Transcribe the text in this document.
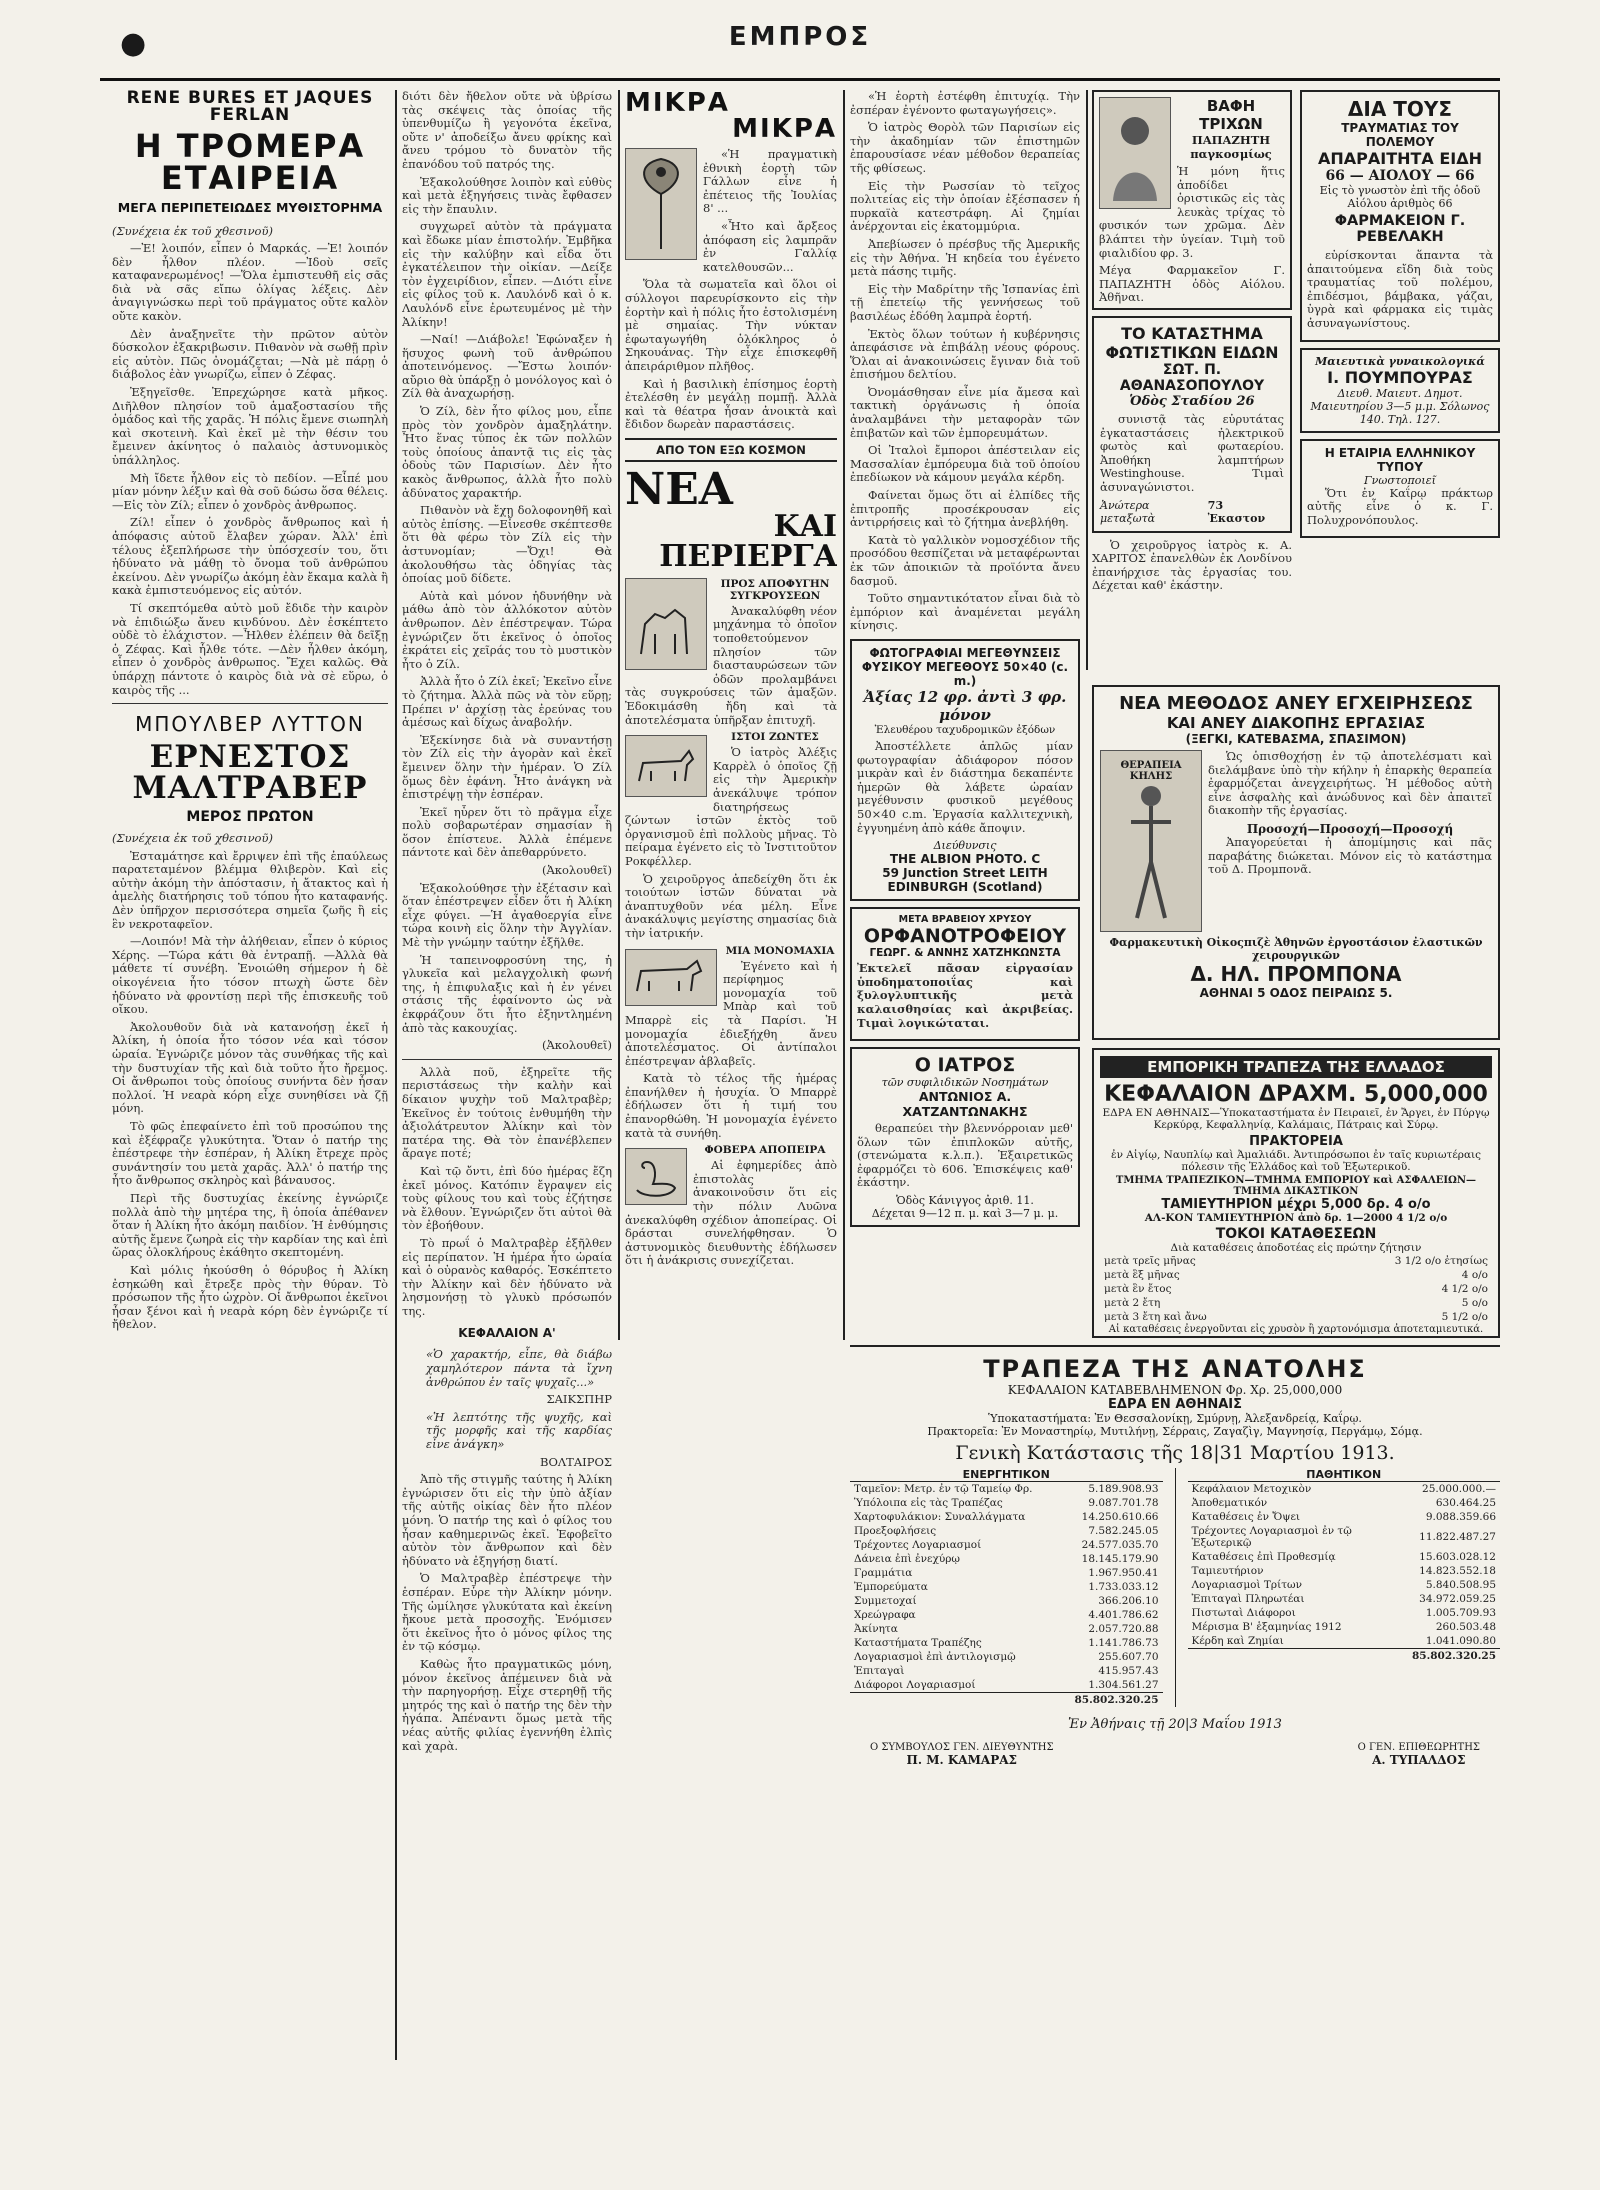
●	ΕΜΠΡΟΣ
RENE BURES ET JAQUES FERLAN
Η ΤΡΟΜΕΡΑ ΕΤΑΙΡΕΙΑ
ΜΕΓΑ ΠΕΡΙΠΕΤΕΙΩΔΕΣ ΜΥΘΙΣΤΟΡΗΜΑ

(Συνέχεια ἐκ τοῦ χθεσινοῦ)

—Ἐ! λοιπόν, εἶπεν ὁ Μαρκάς. —Ἐ! λοιπόν δὲν ἦλθον πλέον. —Ἰδοὺ σεῖς καταφανερωμένος! —Ὅλα ἐμπιστευθῆ εἰς σᾶς διὰ νὰ σᾶς εἴπω ὀλίγας λέξεις. Δὲν ἀναγιγνώσκω περὶ τοῦ πράγματος οὔτε καλὸν οὔτε κακὸν.

Δὲν ἀναξηνεῖτε τὴν πρῶτον αὐτὸν δύσκολον ἐξακριβωσιν. Πιθανὸν νὰ σωθῇ πρὶν εἰς αὐτὸν. Πῶς ὀνομάζεται; —Νὰ μὲ πάρῃ ὁ διάβολος ἐὰν γνωρίζω, εἶπεν ὁ Ζέφας.

Ἐξηγεῖσθε. Ἐπρεχώρησε κατὰ μῆκος. Διῆλθον πλησίον τοῦ ἁμαξοστασίου τῆς ὁμάδος καὶ τῆς χαρᾶς. Ἡ πόλις ἔμενε σιωπηλὴ καὶ σκοτεινὴ. Καὶ ἐκεῖ μὲ τὴν θέσιν του ἔμεινεν ἀκίνητος ὁ παλαιὸς ἀστυνομικὸς ὑπάλληλος.

Μὴ ἴδετε ἦλθον εἰς τὸ πεδίον. —Εἶπέ μου μίαν μόνην λέξιν καὶ θὰ σοῦ δώσω ὅσα θέλεις. —Εἰς τὸν Ζίλ; εἶπεν ὁ χονδρὸς ἀνθρωπος.

Ζίλ! εἶπεν ὁ χονδρὸς ἄνθρωπος καὶ ἡ ἀπόφασις αὐτοῦ ἔλαβεν χώραν. Ἀλλ' ἐπὶ τέλους ἐξεπλήρωσε τὴν ὑπόσχεσίν του, ὅτι ἠδύνατο νὰ μάθῃ τὸ ὄνομα τοῦ ἀνθρώπου ἐκείνου. Δὲν γνωρίζω ἀκόμη ἐὰν ἔκαμα καλὰ ἢ κακὰ ἐμπιστευόμενος εἰς αὐτόν.

Τί σκεπτόμεθα αὐτὸ μοῦ ἔδιδε τὴν καιρὸν νὰ ἐπιδιώξω ἄνευ κινδύνου. Δὲν ἐσκέπτετο οὐδὲ τὸ ἐλάχιστον. —Ἦλθεν ἐλέπειν θὰ δεῖξῃ ὁ Ζέφας. Καὶ ἦλθε τότε. —Δὲν ἦλθεν ἀκόμη, εἶπεν ὁ χονδρὸς ἀνθρωπος. Ἔχει καλῶς. Θὰ ὑπάρχῃ πάντοτε ὁ καιρὸς διὰ νὰ σὲ εὕρω, ὁ καιρὸς τῆς ...

ΜΠΟΥΛΒΕΡ ΛΥΤΤΟΝ
ΕΡΝΕΣΤΟΣ ΜΑΛΤΡΑΒΕΡ
ΜΕΡΟΣ ΠΡΩΤΟΝ

(Συνέχεια ἐκ τοῦ χθεσινοῦ)

Ἐσταμάτησε καὶ ἔρριψεν ἐπὶ τῆς ἐπαύλεως παρατεταμένον βλέμμα θλιβερὸν. Καὶ εἰς αὐτὴν ἀκόμη τὴν ἀπόστασιν, ἡ ἄτακτος καὶ ἡ ἀμελὴς διατήρησις τοῦ τόπου ἦτο καταφανής. Δὲν ὑπῆρχον περισσότερα σημεῖα ζωῆς ἢ εἰς ἓν νεκροταφεῖον.

—Λοιπόν! Μὰ τὴν ἀλήθειαν, εἶπεν ὁ κύριος Χέρης. —Τώρα κάτι θὰ ἐντραπῇ. —Ἀλλὰ θὰ μάθετε τί συνέβη. Ἐνοιώθη σήμερον ἡ δὲ οἰκογένεια ἦτο τόσον πτωχὴ ὥστε δὲν ἠδύνατο νὰ φροντίσῃ περὶ τῆς ἐπισκευῆς τοῦ οἴκου.

Ἀκολουθοῦν διὰ νὰ κατανοήσῃ ἐκεῖ ἡ Ἀλίκη, ἡ ὁποία ἦτο τόσον νέα καὶ τόσον ὡραία. Ἐγνώριζε μόνον τὰς συνθήκας τῆς καὶ τὴν δυστυχίαν τῆς καὶ διὰ τοῦτο ἦτο ἤρεμος. Οἱ ἄνθρωποι τοὺς ὁποίους συνήντα δὲν ἦσαν πολλοί. Ἡ νεαρὰ κόρη εἶχε συνηθίσει νὰ ζῇ μόνη.

Τὸ φῶς ἐπεφαίνετο ἐπὶ τοῦ προσώπου της καὶ ἐξέφραζε γλυκύτητα. Ὅταν ὁ πατήρ της ἐπέστρεφε τὴν ἑσπέραν, ἡ Ἀλίκη ἔτρεχε πρὸς συνάντησίν του μετὰ χαρᾶς. Ἀλλ' ὁ πατήρ της ἦτο ἄνθρωπος σκληρὸς καὶ βάναυσος.

Περὶ τῆς δυστυχίας ἐκείνης ἐγνώριζε πολλὰ ἀπὸ τὴν μητέρα της, ἣ ὁποία ἀπέθανεν ὅταν ἡ Ἀλίκη ἦτο ἀκόμη παιδίον. Ἡ ἐνθύμησις αὐτῆς ἔμενε ζωηρὰ εἰς τὴν καρδίαν της καὶ ἐπὶ ὥρας ὁλοκλήρους ἐκάθητο σκεπτομένη.

Καὶ μόλις ἠκούσθη ὁ θόρυβος ἡ Ἀλίκη ἐσηκώθη καὶ ἔτρεξε πρὸς τὴν θύραν. Τὸ πρόσωπον τῆς ἦτο ὠχρὸν. Οἱ ἄνθρωποι ἐκεῖνοι ἦσαν ξένοι καὶ ἡ νεαρὰ κόρη δὲν ἐγνώριζε τί ἤθελον.

διότι δὲν ἤθελον οὔτε νὰ ὑβρίσω τὰς σκέψεις τὰς ὁποίας τῆς ὑπενθυμίζω ἢ γεγονότα ἐκεῖνα, οὔτε ν' ἀποδείξω ἄνευ φρίκης καὶ ἄνευ τρόμου τὸ δυνατὸν τῆς ἐπανόδου τοῦ πατρός της.

Ἐξακολούθησε λοιπὸν καὶ εὐθὺς καὶ μετὰ ἐξηγήσεις τινὰς ἔφθασεν εἰς τὴν ἔπαυλιν.

συγχωρεῖ αὐτὸν τὰ πράγματα καὶ ἔδωκε μίαν ἐπιστολήν. Ἐμβῆκα εἰς τὴν καλύβην καὶ εἶδα ὅτι ἐγκατέλειπον τὴν οἰκίαν. —Δείξε τὸν ἐγχειρίδιον, εἶπεν. —Διότι εἶνε εἰς φίλος τοῦ κ. Λαυλόνδ καὶ ὁ κ. Λαυλόνδ εἶνε ἐρωτευμένος μὲ τὴν Ἀλίκην!

—Ναί! —Διάβολε! Ἐφώναξεν ἡ ἥσυχος φωνὴ τοῦ ἀνθρώπου ἀποτεινόμενος. —Ἔστω λοιπόν· αὔριο θὰ ὑπάρξῃ ὁ μονόλογος καὶ ὁ Ζίλ θὰ ἀναχωρήσῃ.

Ὁ Ζίλ, δὲν ἦτο φίλος μου, εἶπε πρὸς τὸν χονδρὸν ἀμαξηλάτην. Ἦτο ἕνας τύπος ἐκ τῶν πολλῶν τοὺς ὁποίους ἀπαντᾷ τις εἰς τὰς ὁδοὺς τῶν Παρισίων. Δὲν ἦτο κακὸς ἄνθρωπος, ἀλλὰ ἦτο πολὺ ἀδύνατος χαρακτήρ.

Πιθανὸν νὰ ἔχῃ δολοφονηθῆ καὶ αὐτὸς ἐπίσης. —Εἶνεσθε σκέπτεσθε ὅτι θὰ φέρω τὸν Ζίλ εἰς τὴν ἀστυνομίαν; —Ὄχι! Θὰ ἀκολουθήσω τὰς ὁδηγίας τὰς ὁποίας μοῦ δίδετε.

Αὐτὰ καὶ μόνον ἠδυνήθην νὰ μάθω ἀπὸ τὸν ἀλλόκοτον αὐτὸν ἀνθρωπον. Δὲν ἐπέστρεψαν. Τώρα ἐγνώριζεν ὅτι ἐκεῖνος ὁ ὁποῖος ἐκράτει εἰς χεῖράς του τὸ μυστικὸν ἦτο ὁ Ζίλ.

Ἀλλὰ ἦτο ὁ Ζίλ ἐκεῖ; Ἐκεῖνο εἶνε τὸ ζήτημα. Ἀλλὰ πῶς νὰ τὸν εὕρῃ; Πρέπει ν' ἀρχίσῃ τὰς ἐρεύνας του ἀμέσως καὶ δίχως ἀναβολήν.

Ἐξεκίνησε διὰ νὰ συναντήσῃ τὸν Ζίλ εἰς τὴν ἀγορὰν καὶ ἐκεῖ ἔμεινεν ὅλην τὴν ἡμέραν. Ὁ Ζίλ ὅμως δὲν ἐφάνη. Ἦτο ἀνάγκη νὰ ἐπιστρέψῃ τὴν ἑσπέραν.

Ἐκεῖ ηὗρεν ὅτι τὸ πρᾶγμα εἶχε πολὺ σοβαρωτέραν σημασίαν ἢ ὅσον ἐπίστευε. Ἀλλὰ ἐπέμενε πάντοτε καὶ δὲν ἀπεθαρρύνετο.

(Ἀκολουθεῖ)

Ἐξακολούθησε τὴν ἐξέτασιν καὶ ὅταν ἐπέστρεψεν εἶδεν ὅτι ἡ Ἀλίκη εἶχε φύγει. —Ἡ ἀγαθοεργία εἶνε τώρα κοινὴ εἰς ὅλην τὴν Ἀγγλίαν. Μὲ τὴν γνώμην ταύτην ἐξῆλθε.

Ἡ ταπεινοφροσύνη της, ἡ γλυκεῖα καὶ μελαγχολικὴ φωνή της, ἡ ἐπιφυλαξις καὶ ἡ ἐν γένει στάσις τῆς ἐφαίνοντο ὡς νὰ ἐκφράζουν ὅτι ἦτο ἐξηντλημένη ἀπὸ τὰς κακουχίας.

(Ἀκολουθεῖ)

Ἀλλὰ ποῦ, ἐξηρεῖτε τῆς περιστάσεως τὴν καλὴν καὶ δίκαιον ψυχὴν τοῦ Μαλτραβὲρ; Ἐκεῖνος ἐν τούτοις ἐνθυμήθη τὴν ἀξιολάτρευτον Ἀλίκην καὶ τὸν πατέρα της. Θὰ τὸν ἐπανέβλεπεν ἄραγε ποτέ;

Καὶ τῷ ὄντι, ἐπὶ δύο ἡμέρας ἔζη ἐκεῖ μόνος. Κατόπιν ἔγραψεν εἰς τοὺς φίλους του καὶ τοὺς ἐζήτησε νὰ ἔλθουν. Ἐγνώριζεν ὅτι αὐτοὶ θὰ τὸν ἐβοήθουν.

Τὸ πρωΐ ὁ Μαλτραβὲρ ἐξῆλθεν εἰς περίπατον. Ἡ ἡμέρα ἦτο ὡραία καὶ ὁ οὐρανὸς καθαρός. Ἐσκέπτετο τὴν Ἀλίκην καὶ δὲν ἠδύνατο νὰ λησμονήσῃ τὸ γλυκὺ πρόσωπόν της.

ΚΕΦΑΛΑΙΟΝ Α'

«Ὁ χαρακτήρ, εἶπε, θὰ διάβω χαμηλότερον πάντα τὰ ἴχνη ἀνθρώπου ἐν ταῖς ψυχαῖς...»

ΣΑΙΚΣΠΗΡ

«Ἡ λεπτότης τῆς ψυχῆς, καὶ τῆς μορφῆς καὶ τῆς καρδίας εἶνε ἀνάγκη»

ΒΟΛΤΑΙΡΟΣ

Ἀπὸ τῆς στιγμῆς ταύτης ἡ Ἀλίκη ἐγνώρισεν ὅτι εἰς τὴν ὑπὸ ἀξίαν τῆς αὐτῆς οἰκίας δὲν ἦτο πλέον μόνη. Ὁ πατήρ της καὶ ὁ φίλος του ἦσαν καθημερινῶς ἐκεῖ. Ἐφοβεῖτο αὐτὸν τὸν ἄνθρωπον καὶ δὲν ἠδύνατο νὰ ἐξηγήσῃ διατί.

Ὁ Μαλτραβὲρ ἐπέστρεψε τὴν ἑσπέραν. Εὗρε τὴν Ἀλίκην μόνην. Τῆς ὡμίλησε γλυκύτατα καὶ ἐκείνη ἤκουε μετὰ προσοχῆς. Ἐνόμισεν ὅτι ἐκεῖνος ἦτο ὁ μόνος φίλος της ἐν τῷ κόσμῳ.

Καθὼς ἦτο πραγματικῶς μόνη, μόνον ἐκεῖνος ἀπέμεινεν διὰ νὰ τὴν παρηγορήσῃ. Εἶχε στερηθῇ τῆς μητρός της καὶ ὁ πατήρ της δὲν τὴν ἠγάπα. Ἀπέναντι ὅμως μετὰ τῆς νέας αὐτῆς φιλίας ἐγεννήθη ἐλπὶς καὶ χαρὰ.

ΜΙΚΡΑ
ΜΙΚΡΑ

«Ἡ πραγματικὴ ἐθνικὴ ἑορτὴ τῶν Γάλλων εἶνε ἡ ἐπέτειος τῆς Ἰουλίας 8' ...

«Ἦτο καὶ ἄρξεος ἀπόφαση εἰς λαμπρᾶν ἐν Γαλλίᾳ κατελθουσῶν...

Ὅλα τὰ σωματεῖα καὶ ὅλοι οἱ σύλλογοι παρευρίσκοντο εἰς τὴν ἑορτὴν καὶ ἡ πόλις ἦτο ἐστολισμένη μὲ σημαίας. Τὴν νύκταν ἐφωταγωγήθη ὁλόκληρος ὁ Σηκουάνας. Τὴν εἶχε ἐπισκεφθῆ ἀπειράριθμον πλῆθος.

Καὶ ἡ βασιλικὴ ἐπίσημος ἑορτὴ ἐτελέσθη ἐν μεγάλῃ πομπῇ. Ἀλλὰ καὶ τὰ θέατρα ἦσαν ἀνοικτὰ καὶ ἔδιδον δωρεὰν παραστάσεις.

ΑΠΟ ΤΟΝ ΕΞΩ ΚΟΣΜΟΝ
ΝΕΑ
ΚΑΙ ΠΕΡΙΕΡΓΑ
ΠΡΟΣ ΑΠΟΦΥΓΗΝ ΣΥΓΚΡΟΥΣΕΩΝ

Ἀνακαλύφθη νέον μηχάνημα τὸ ὁποῖον τοποθετούμενον πλησίον τῶν διασταυρώσεων τῶν ὁδῶν προλαμβάνει τὰς συγκρούσεις τῶν ἁμαξῶν. Ἐδοκιμάσθη ἤδη καὶ τὰ ἀποτελέσματα ὑπῆρξαν ἐπιτυχῆ.

ΙΣΤΟΙ ΖΩΝΤΕΣ

Ὁ ἰατρὸς Ἀλέξις Καρρὲλ ὁ ὁποῖος ζῇ εἰς τὴν Ἀμερικὴν ἀνεκάλυψε τρόπον διατηρήσεως ζώντων ἱστῶν ἐκτὸς τοῦ ὀργανισμοῦ ἐπὶ πολλοὺς μῆνας. Τὸ πείραμα ἐγένετο εἰς τὸ Ἰνστιτοῦτον Ροκφέλλερ.

Ὁ χειροῦργος ἀπεδείχθη ὅτι ἐκ τοιούτων ἱστῶν δύναται νὰ ἀναπτυχθοῦν νέα μέλη. Εἶνε ἀνακάλυψις μεγίστης σημασίας διὰ τὴν ἰατρικήν.

ΜΙΑ ΜΟΝΟΜΑΧΙΑ

Ἐγένετο καὶ ἡ περίφημος μονομαχία τοῦ Μπὰρ καὶ τοῦ Μπαρρὲ εἰς τὰ Παρίσι. Ἡ μονομαχία ἐδιεξήχθη ἄνευ ἀποτελέσματος. Οἱ ἀντίπαλοι ἐπέστρεψαν ἀβλαβεῖς.

Κατὰ τὸ τέλος τῆς ἡμέρας ἐπανήλθεν ἡ ἡσυχία. Ὁ Μπαρρὲ ἐδήλωσεν ὅτι ἡ τιμή του ἐπανορθώθη. Ἡ μονομαχία ἐγένετο κατὰ τὰ συνήθη.

ΦΟΒΕΡΑ ΑΠΟΠΕΙΡΑ

Αἱ ἐφημερίδες ἀπὸ ἐπιστολὰς ἀνακοινοῦσιν ὅτι εἰς τὴν πόλιν Λυῶνα ἀνεκαλύφθη σχέδιον ἀποπείρας. Οἱ δράσται συνελήφθησαν. Ὁ ἀστυνομικὸς διευθυντὴς ἐδήλωσεν ὅτι ἡ ἀνάκρισις συνεχίζεται.

«Ἡ ἑορτὴ ἐστέφθη ἐπιτυχίᾳ. Τὴν ἐσπέραν ἐγένοντο φωταγωγήσεις».

Ὁ ἰατρὸς Θορὸλ τῶν Παρισίων εἰς τὴν ἀκαδημίαν τῶν ἐπιστημῶν ἐπαρουσίασε νέαν μέθοδον θεραπείας τῆς φθίσεως.

Εἰς τὴν Ρωσσίαν τὸ τεῖχος πολιτείας εἰς τὴν ὁποίαν ἐξέσπασεν ἡ πυρκαϊὰ κατεστράφη. Αἱ ζημίαι ἀνέρχονται εἰς ἑκατομμύρια.

Ἀπεβίωσεν ὁ πρέσβυς τῆς Ἀμερικῆς εἰς τὴν Ἀθήνα. Ἡ κηδεία του ἐγένετο μετὰ πάσης τιμῆς.

Εἰς τὴν Μαδρίτην τῆς Ἰσπανίας ἐπὶ τῇ ἐπετείῳ τῆς γεννήσεως τοῦ βασιλέως ἐδόθη λαμπρὰ ἑορτή.

Ἐκτὸς ὅλων τούτων ἡ κυβέρνησις ἀπεφάσισε νὰ ἐπιβάλῃ νέους φόρους. Ὅλαι αἱ ἀνακοινώσεις ἔγιναν διὰ τοῦ ἐπισήμου δελτίου.

Ὀνομάσθησαν εἶνε μία ἄμεσα καὶ τακτικὴ ὀργάνωσις ἡ ὁποία ἀναλαμβάνει τὴν μεταφορὰν τῶν ἐπιβατῶν καὶ τῶν ἐμπορευμάτων.

Οἱ Ἰταλοὶ ἔμποροι ἀπέστειλαν εἰς Μασσαλίαν ἐμπόρευμα διὰ τοῦ ὁποίου ἐπεδίωκον νὰ κάμουν μεγάλα κέρδη.

Φαίνεται ὅμως ὅτι αἱ ἐλπίδες τῆς ἐπιτροπῆς προσέκρουσαν εἰς ἀντιρρήσεις καὶ τὸ ζήτημα ἀνεβλήθη.

Κατὰ τὸ γαλλικὸν νομοσχέδιον τῆς προσόδου θεσπίζεται νὰ μεταφέρωνται ἐκ τῶν ἀποικιῶν τὰ προϊόντα ἄνευ δασμοῦ.

Τοῦτο σημαντικότατον εἶναι διὰ τὸ ἐμπόριον καὶ ἀναμένεται μεγάλη κίνησις.

ΦΩΤΟΓΡΑΦΙΑΙ ΜΕΓΕΘΥΝΣΕΙΣ
ΦΥΣΙΚΟΥ ΜΕΓΕΘΟΥΣ 50×40 (c. m.)
Ἀξίας 12 φρ. ἀντὶ 3 φρ. μόνον
Ἐλευθέρου ταχυδρομικῶν ἐξόδων

Ἀποστέλλετε ἁπλῶς μίαν φωτογραφίαν ἀδιάφορον πόσον μικρὰν καὶ ἐν διάστημα δεκαπέντε ἡμερῶν θὰ λάβετε ὡραίαν μεγέθυνσιν φυσικοῦ μεγέθους 50×40 c.m. Ἐργασία καλλιτεχνικὴ, ἐγγυημένη ἀπὸ κάθε ἄποψιν.

Διεύθυνσις
THE ALBION PHOTO. C
59 Junction Street LEITH
EDINBURGH (Scotland)
ΜΕΤΑ ΒΡΑΒΕΙΟΥ ΧΡΥΣΟΥ
ΟΡΦΑΝΟΤΡΟΦΕΙΟΥ
ΓΕΩΡΓ. & ΑΝΝΗΣ ΧΑΤΖΗΚΩΝΣΤΑ

Ἐκτελεῖ πᾶσαν εἰργασίαν ὑποδηματοποιΐας καὶ ξυλογλυπτικῆς μετὰ καλαισθησίας καὶ ἀκριβείας. Τιμαὶ λογικώταται.

Ο ΙΑΤΡΟΣ
τῶν συφιλιδικῶν Νοσημάτων
ΑΝΤΩΝΙΟΣ Α. ΧΑΤΖΑΝΤΩΝΑΚΗΣ

θεραπεύει τὴν βλεννόρροιαν μεθ' ὅλων τῶν ἐπιπλοκῶν αὐτῆς, (στενώματα κ.λ.π.). Ἐξαιρετικῶς ἐφαρμόζει τὸ 606. Ἐπισκέψεις καθ' ἑκάστην.

Ὁδὸς Κάνιγγος ἀριθ. 11.
Δέχεται 9—12 π. μ. καὶ 3—7 μ. μ.
ΒΑΦΗ ΤΡΙΧΩΝ
ΠΑΠΑΖΗΤΗ παγκοσμίως

Ἡ μόνη ἥτις ἀποδίδει ὁριστικῶς εἰς τὰς λευκὰς τρίχας τὸ φυσικόν των χρῶμα. Δὲν βλάπτει τὴν ὑγείαν. Τιμὴ τοῦ φιαλιδίου φρ. 3.

Μέγα Φαρμακεῖον Γ. ΠΑΠΑΖΗΤΗ ὁδὸς Αἰόλου. Ἀθῆναι.

ΤΟ ΚΑΤΑΣΤΗΜΑ ΦΩΤΙΣΤΙΚΩΝ ΕΙΔΩΝ
ΣΩΤ. Π. ΑΘΑΝΑΣΟΠΟΥΛΟΥ
Ὁδὸς Σταδίου 26

συνιστᾷ τὰς εὐρυτάτας ἐγκαταστάσεις ἠλεκτρικοῦ φωτὸς καὶ φωταερίου. Ἀποθήκη λαμπτήρων Westinghouse. Τιμαὶ ἀσυναγώνιστοι.

Ἀνώτερα μεταξωτὰ
73 Ἐκαστον

Ὁ χειροῦργος ἰατρὸς κ. Α. ΧΑΡΙΤΟΣ ἐπανελθὼν ἐκ Λονδίνου ἐπανήρχισε τὰς ἐργασίας του. Δέχεται καθ' ἑκάστην.

ΔΙΑ ΤΟΥΣ
ΤΡΑΥΜΑΤΙΑΣ ΤΟΥ ΠΟΛΕΜΟΥ
ΑΠΑΡΑΙΤΗΤΑ ΕΙΔΗ
66 — ΑΙΟΛΟΥ — 66
Εἰς τὸ γνωστὸν ἐπὶ τῆς ὁδοῦ Αἰόλου ἀριθμὸς 66
ΦΑΡΜΑΚΕΙΟΝ Γ. ΡΕΒΕΛΑΚΗ

εὑρίσκονται ἅπαντα τὰ ἀπαιτούμενα εἴδη διὰ τοὺς τραυματίας τοῦ πολέμου, ἐπιδέσμοι, βάμβακα, γάζαι, ὑγρὰ καὶ φάρμακα εἰς τιμὰς ἀσυναγωνίστους.

Μαιευτικὰ γυναικολογικά
Ι. ΠΟΥΜΠΟΥΡΑΣ
Διευθ. Μαιευτ. Δημοτ. Μαιευτηρίου 3—5 μ.μ. Σόλωνος 140. Τηλ. 127.
Η ΕΤΑΙΡΙΑ ΕΛΛΗΝΙΚΟΥ ΤΥΠΟΥ
Γνωστοποιεῖ

Ὅτι ἐν Καΐρῳ πράκτωρ αὐτῆς εἶνε ὁ κ. Γ. Πολυχρονόπουλος.

ΝΕΑ ΜΕΘΟΔΟΣ ΑΝΕΥ ΕΓΧΕΙΡΗΣΕΩΣ
ΚΑΙ ΑΝΕΥ ΔΙΑΚΟΠΗΣ ΕΡΓΑΣΙΑΣ
(ΞΕΓΚΙ, ΚΑΤΕΒΑΣΜΑ, ΣΠΑΣΙΜΟΝ)
ΘΕΡΑΠΕΙΑ ΚΗΛΗΣ

Ὡς ὁπισθοχήσῃ ἐν τῷ ἀποτελέσματι καὶ διελάμβανε ὑπὸ τὴν κήλην ἡ ἐπαρκὴς θεραπεία ἐφαρμόζεται ἀνεγχειρήτως. Ἡ μέθοδος αὐτὴ εἶνε ἀσφαλὴς καὶ ἀνώδυνος καὶ δὲν ἀπαιτεῖ διακοπὴν τῆς ἐργασίας.

Προσοχή—Προσοχή—Προσοχή

Ἀπαγορεύεται ἡ ἀπομίμησις καὶ πᾶς παραβάτης διώκεται. Μόνον εἰς τὸ κατάστημα τοῦ Δ. Προμπονᾶ.

Φαρμακευτικὴ Οἰκοςπιζὲ Ἀθηνῶν ἐργοστάσιον ἐλαστικῶν χειρουργικῶν
Δ. ΗΛ. ΠΡΟΜΠΟΝΑ
ΑΘΗΝΑΙ 5 ΟΔΟΣ ΠΕΙΡΑΙΩΣ 5.
ΕΜΠΟΡΙΚΗ ΤΡΑΠΕΖΑ ΤΗΣ ΕΛΛΑΔΟΣ
ΚΕΦΑΛΑΙΟΝ ΔΡΑΧΜ. 5,000,000
ΕΔΡΑ ΕΝ ΑΘΗΝΑΙΣ—Ὑποκαταστήματα ἐν Πειραιεῖ, ἐν Ἄργει, ἐν Πύργῳ Κερκύρᾳ, Κεφαλληνίᾳ, Καλάμαις, Πάτραις καὶ Σύρῳ.
ΠΡΑΚΤΟΡΕΙΑ
ἐν Αἰγίῳ, Ναυπλίῳ καὶ Ἀμαλιάδι. Ἀντιπρόσωποι ἐν ταῖς κυριωτέραις πόλεσιν τῆς Ἑλλάδος καὶ τοῦ Ἐξωτερικοῦ.
ΤΜΗΜΑ ΤΡΑΠΕΖΙΚΟΝ—ΤΜΗΜΑ ΕΜΠΟΡΙΟΥ καὶ ΑΣΦΑΛΕΙΩΝ—ΤΜΗΜΑ ΔΙΚΑΣΤΙΚΟΝ
ΤΑΜΙΕΥΤΗΡΙΟΝ μέχρι 5,000 δρ. 4 ο/ο
ΑΛ-ΚΟΝ ΤΑΜΙΕΥΤΗΡΙΟΝ ἀπὸ δρ. 1—2000 4 1/2 ο/ο
ΤΟΚΟΙ ΚΑΤΑΘΕΣΕΩΝ
Διὰ καταθέσεις ἀποδοτέας εἰς πρώτην ζήτησιν
μετὰ τρεῖς μῆνας	3 1/2 ο/ο ἐτησίως
μετὰ ἓξ μῆνας	4 ο/ο
μετὰ ἓν ἔτος	4 1/2 ο/ο
μετὰ 2 ἔτη	5 ο/ο
μετὰ 3 ἔτη καὶ ἄνω	5 1/2 ο/ο
Αἱ καταθέσεις ἐνεργοῦνται εἰς χρυσὸν ἢ χαρτονόμισμα ἀποτεταμιευτικά.
ΤΡΑΠΕΖΑ ΤΗΣ ΑΝΑΤΟΛΗΣ
ΚΕΦΑΛΑΙΟΝ ΚΑΤΑΒΕΒΛΗΜΕΝΟΝ Φρ. Χρ. 25,000,000
ΕΔΡΑ ΕΝ ΑΘΗΝΑΙΣ
Ὑποκαταστήματα: Ἐν Θεσσαλονίκῃ, Σμύρνῃ, Ἀλεξανδρείᾳ, Καΐρῳ.
Πρακτορεῖα: Ἐν Μοναστηρίῳ, Μυτιλήνῃ, Σέρραις, Ζαγαζὶγ, Μαγνησίᾳ, Περγάμῳ, Σόμᾳ.
Γενικὴ Κατάστασις τῆς 18|31 Μαρτίου 1913.
ΕΝΕΡΓΗΤΙΚΟΝ
Ταμεῖον: Μετρ. ἐν τῷ Ταμείῳ Φρ.	5.189.908.93
Ὑπόλοιπα εἰς τὰς Τραπέζας	9.087.701.78
Χαρτοφυλάκιον: Συναλλάγματα	14.250.610.66
Προεξοφλήσεις	7.582.245.05
Τρέχοντες Λογαριασμοί	24.577.035.70
Δάνεια ἐπὶ ἐνεχύρῳ	18.145.179.90
Γραμμάτια	1.967.950.41
Ἐμπορεύματα	1.733.033.12
Συμμετοχαί	366.206.10
Χρεώγραφα	4.401.786.62
Ἀκίνητα	2.057.720.88
Καταστήματα Τραπέζης	1.141.786.73
Λογαριασμοὶ ἐπὶ ἀντιλογισμῷ	255.607.70
Ἐπιταγαὶ	415.957.43
Διάφοροι Λογαριασμοί	1.304.561.27
	85.802.320.25
ΠΑΘΗΤΙΚΟΝ
Κεφάλαιον Μετοχικὸν	25.000.000.—
Ἀποθεματικόν	630.464.25
Καταθέσεις ἐν Ὄψει	9.088.359.66
Τρέχοντες Λογαριασμοὶ ἐν τῷ Ἐξωτερικῷ	11.822.487.27
Καταθέσεις ἐπὶ Προθεσμίᾳ	15.603.028.12
Ταμιευτήριον	14.823.552.18
Λογαριασμοὶ Τρίτων	5.840.508.95
Ἐπιταγαὶ Πληρωτέαι	34.972.059.25
Πιστωταὶ Διάφοροι	1.005.709.93
Μέρισμα Β' ἑξαμηνίας 1912	260.503.48
Κέρδη καὶ Ζημίαι	1.041.090.80
	85.802.320.25
Ἐν Ἀθήναις τῇ 20|3 Μαΐου 1913
Ο ΣΥΜΒΟΥΛΟΣ ΓΕΝ. ΔΙΕΥΘΥΝΤΗΣ
Π. Μ. ΚΑΜΑΡΑΣ
Ο ΓΕΝ. ΕΠΙΘΕΩΡΗΤΗΣ
Α. ΤΥΠΑΛΔΟΣ
